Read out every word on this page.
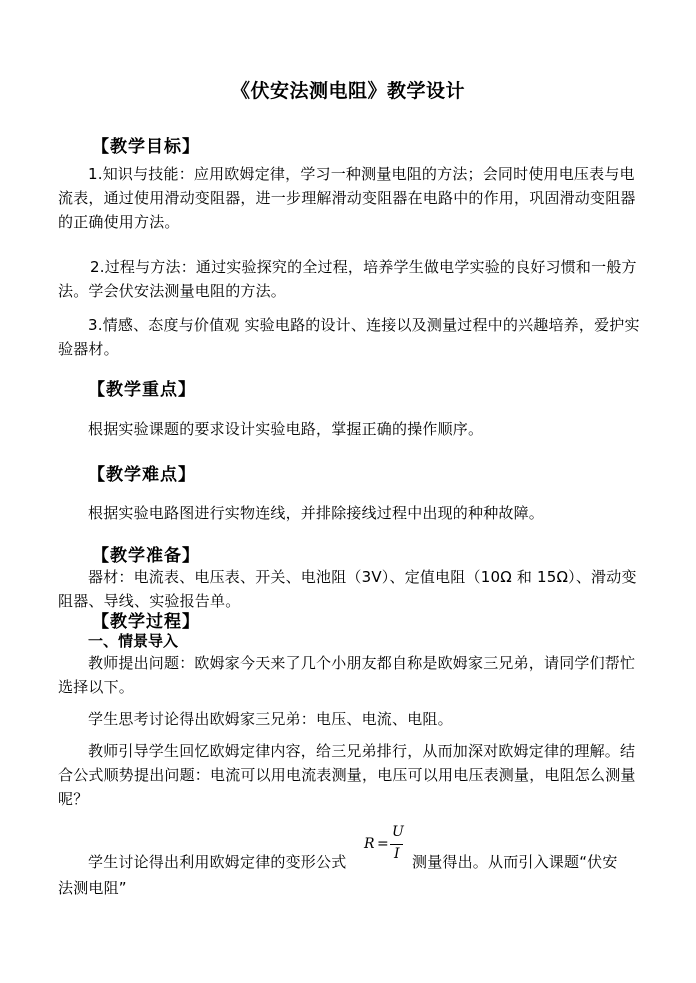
《伏安法测电阻》教学设计
【教学目标】
1.知识与技能：应用欧姆定律，学习一种测量电阻的方法；会同时使用电压表与电流表，通过使用滑动变阻器，进一步理解滑动变阻器在电路中的作用，巩固滑动变阻器的正确使用方法。
2.过程与方法：通过实验探究的全过程，培养学生做电学实验的良好习惯和一般方法。学会伏安法测量电阻的方法。
3.情感、态度与价值观 实验电路的设计、连接以及测量过程中的兴趣培养，爱护实验器材。
【教学重点】
根据实验课题的要求设计实验电路，掌握正确的操作顺序。
【教学难点】
根据实验电路图进行实物连线，并排除接线过程中出现的种种故障。
【教学准备】
器材：电流表、电压表、开关、电池阻（3V）、定值电阻（10Ω 和 15Ω）、滑动变阻器、导线、实验报告单。
【教学过程】
一、情景导入
教师提出问题：欧姆家今天来了几个小朋友都自称是欧姆家三兄弟，请同学们帮忙选择以下。
学生思考讨论得出欧姆家三兄弟：电压、电流、电阻。
教师引导学生回忆欧姆定律内容，给三兄弟排行，从而加深对欧姆定律的理解。结合公式顺势提出问题：电流可以用电流表测量，电压可以用电压表测量，电阻怎么测量呢？
学生讨论得出利用欧姆定律的变形公式
R =
U
I 测量得出。从而引入课题“伏安
法测电阻”
